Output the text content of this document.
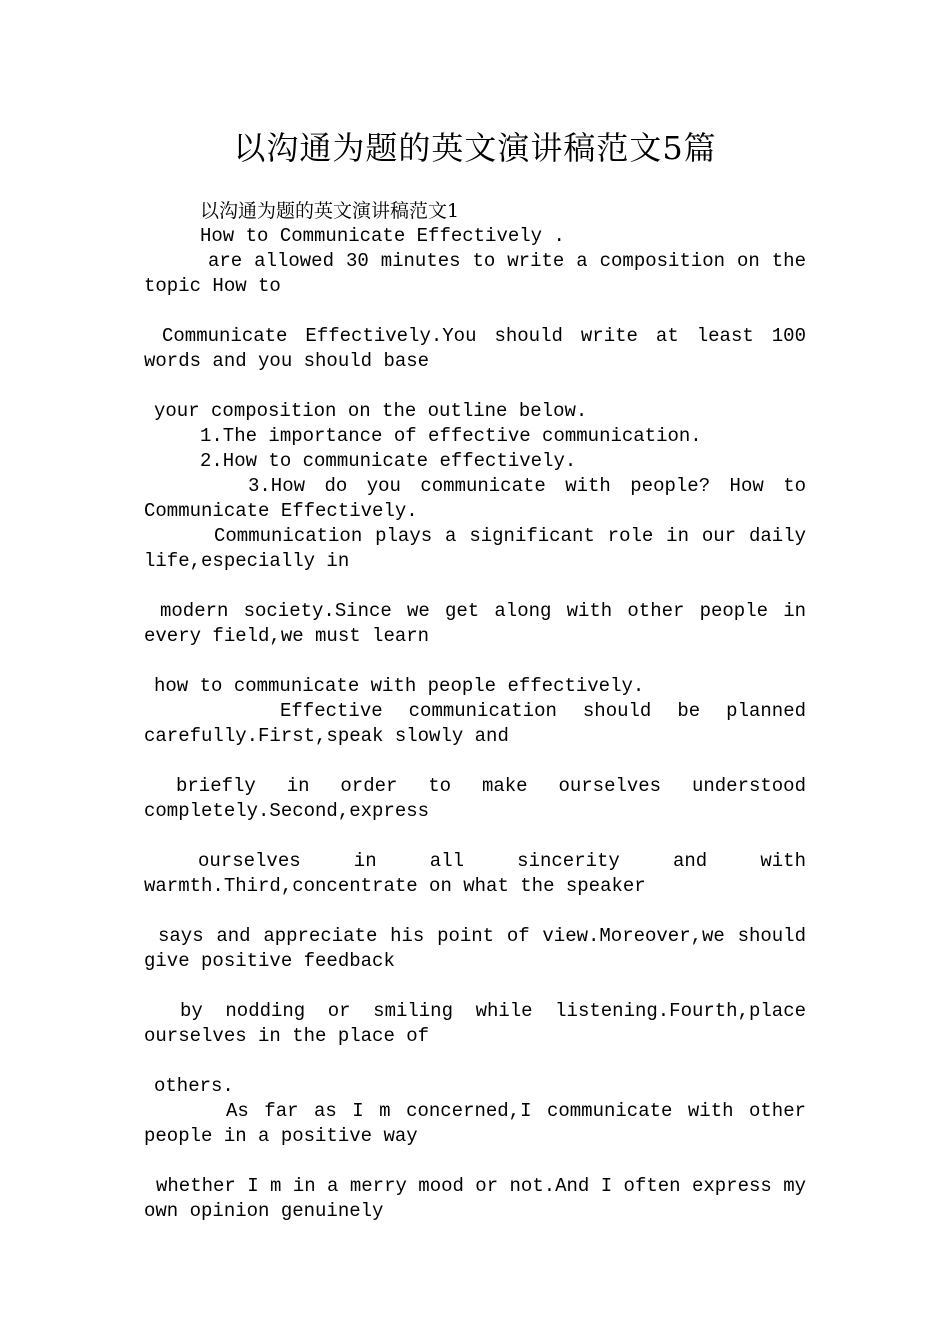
以沟通为题的英文演讲稿范文5篇
以沟通为题的英文演讲稿范文1
How to Communicate Effectively .
are allowed 30 minutes to write a composition on the
topic How to
Communicate Effectively.You should write at least 100
words and you should base
your composition on the outline below.
1.The importance of effective communication.
2.How to communicate effectively.
3.How do you communicate with people? How to
Communicate Effectively.
Communication plays a significant role in our daily
life,especially in
modern society.Since we get along with other people in
every field,we must learn
how to communicate with people effectively.
Effective communication should be planned
carefully.First,speak slowly and
briefly in order to make ourselves understood
completely.Second,express
ourselves in all sincerity and with
warmth.Third,concentrate on what the speaker
says and appreciate his point of view.Moreover,we should
give positive feedback
by nodding or smiling while listening.Fourth,place
ourselves in the place of
others.
As far as I m concerned,I communicate with other
people in a positive way
whether I m in a merry mood or not.And I often express my
own opinion genuinely
